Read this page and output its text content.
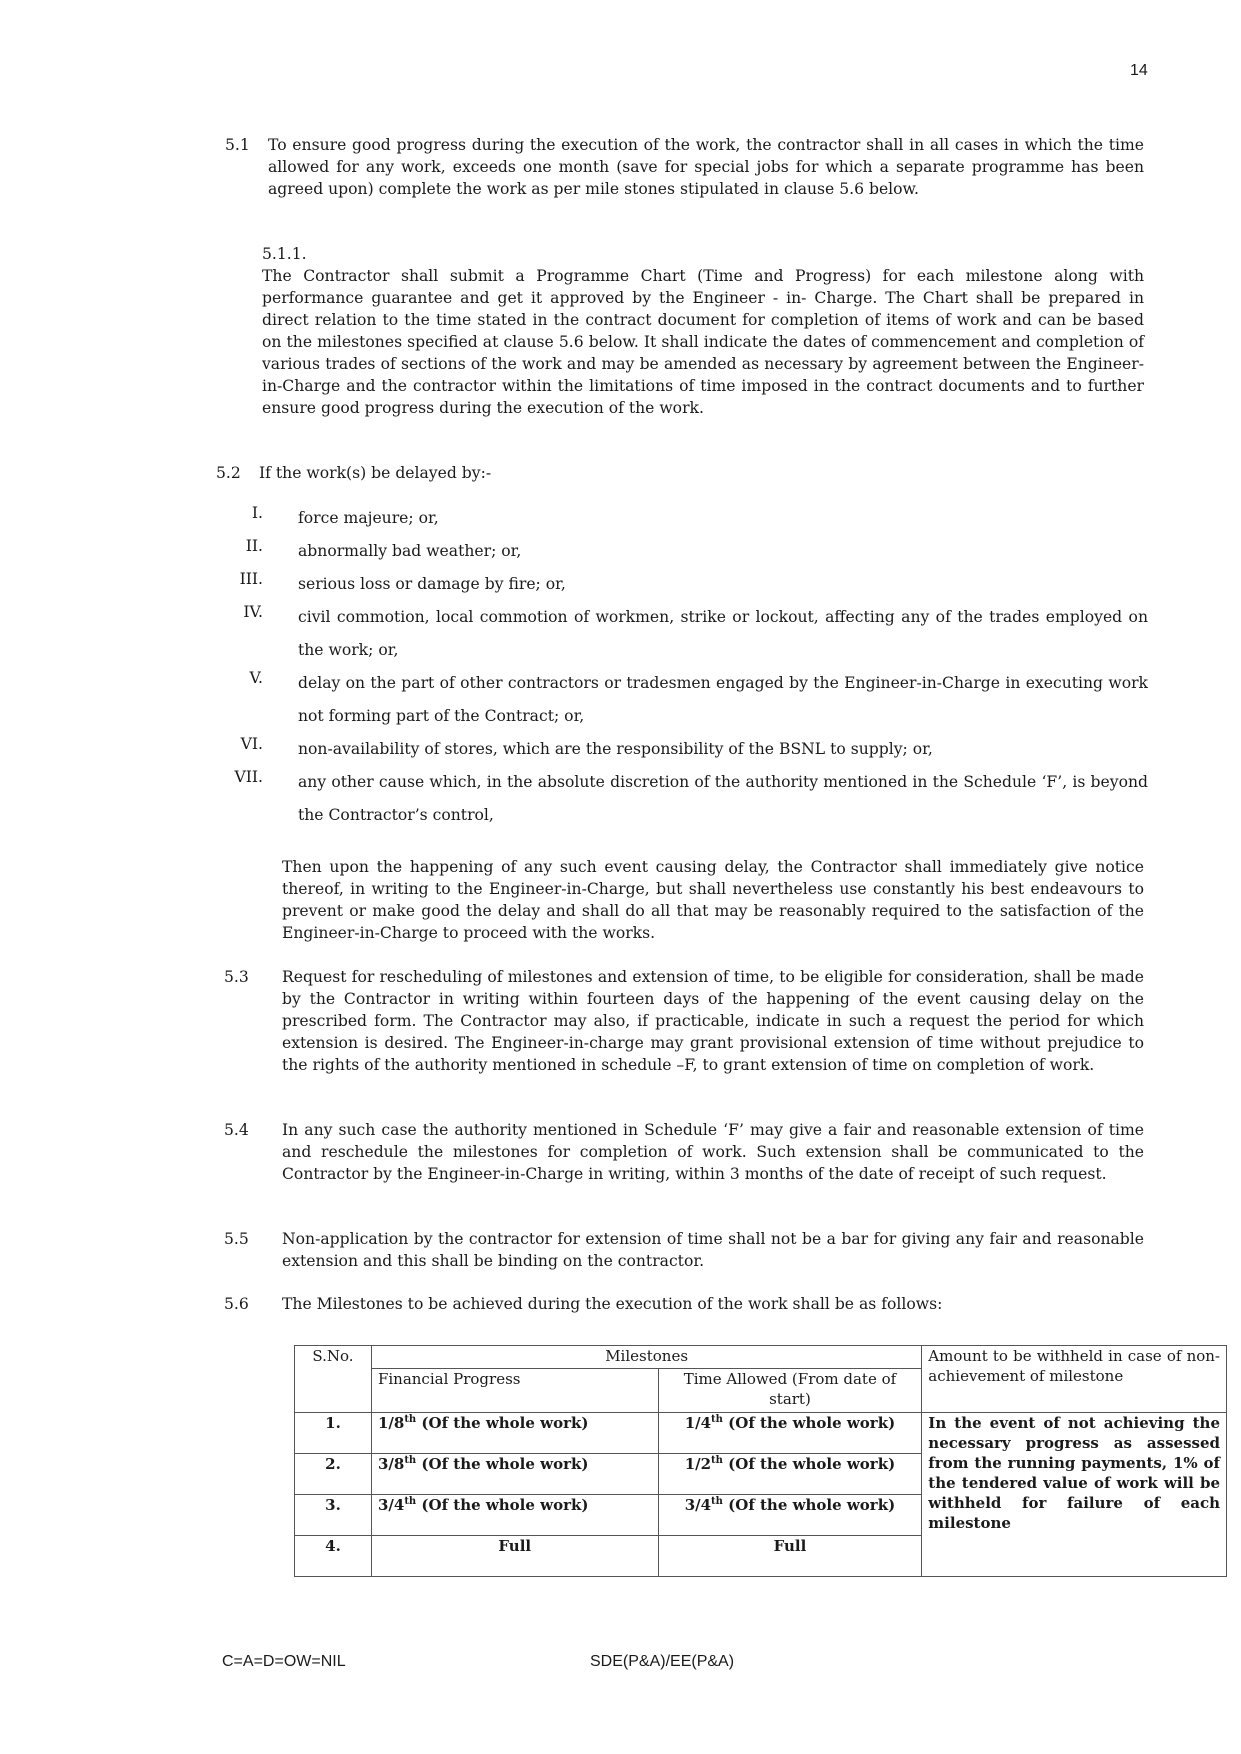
14
5.1 To ensure good progress during the execution of the work, the contractor shall in all cases in which the time allowed for any work, exceeds one month (save for special jobs for which a separate programme has been agreed upon) complete the work as per mile stones stipulated in clause 5.6 below.
5.1.1.
The Contractor shall submit a Programme Chart (Time and Progress) for each milestone along with performance guarantee and get it approved by the Engineer - in- Charge. The Chart shall be prepared in direct relation to the time stated in the contract document for completion of items of work and can be based on the milestones specified at clause 5.6 below. It shall indicate the dates of commencement and completion of various trades of sections of the work and may be amended as necessary by agreement between the Engineer-in-Charge and the contractor within the limitations of time imposed in the contract documents and to further ensure good progress during the execution of the work.
5.2 If the work(s) be delayed by:-
I. force majeure; or,
II. abnormally bad weather; or,
III. serious loss or damage by fire; or,
IV. civil commotion, local commotion of workmen, strike or lockout, affecting any of the trades employed on the work; or,
V. delay on the part of other contractors or tradesmen engaged by the Engineer-in-Charge in executing work not forming part of the Contract; or,
VI. non-availability of stores, which are the responsibility of the BSNL to supply; or,
VII. any other cause which, in the absolute discretion of the authority mentioned in the Schedule ‘F’, is beyond the Contractor’s control,
Then upon the happening of any such event causing delay, the Contractor shall immediately give notice thereof, in writing to the Engineer-in-Charge, but shall nevertheless use constantly his best endeavours to prevent or make good the delay and shall do all that may be reasonably required to the satisfaction of the Engineer-in-Charge to proceed with the works.
5.3 Request for rescheduling of milestones and extension of time, to be eligible for consideration, shall be made by the Contractor in writing within fourteen days of the happening of the event causing delay on the prescribed form. The Contractor may also, if practicable, indicate in such a request the period for which extension is desired. The Engineer-in-charge may grant provisional extension of time without prejudice to the rights of the authority mentioned in schedule –F, to grant extension of time on completion of work.
5.4 In any such case the authority mentioned in Schedule ‘F’ may give a fair and reasonable extension of time and reschedule the milestones for completion of work. Such extension shall be communicated to the Contractor by the Engineer-in-Charge in writing, within 3 months of the date of receipt of such request.
5.5 Non-application by the contractor for extension of time shall not be a bar for giving any fair and reasonable extension and this shall be binding on the contractor.
5.6 The Milestones to be achieved during the execution of the work shall be as follows:
S.No.	Milestones		Amount to be withheld in case of non-achievement of milestone
	Financial Progress	Time Allowed (From date of start)	
1.	1/8th (Of the whole work)	1/4th (Of the whole work)	In the event of not achieving the necessary progress as assessed from the running payments, 1% of the tendered value of work will be withheld for failure of each milestone
2.	3/8th (Of the whole work)	1/2th (Of the whole work)	
3.	3/4th (Of the whole work)	3/4th (Of the whole work)	
4.	Full	Full	
C=A=D=OW=NIL	SDE(P&A)/EE(P&A)
